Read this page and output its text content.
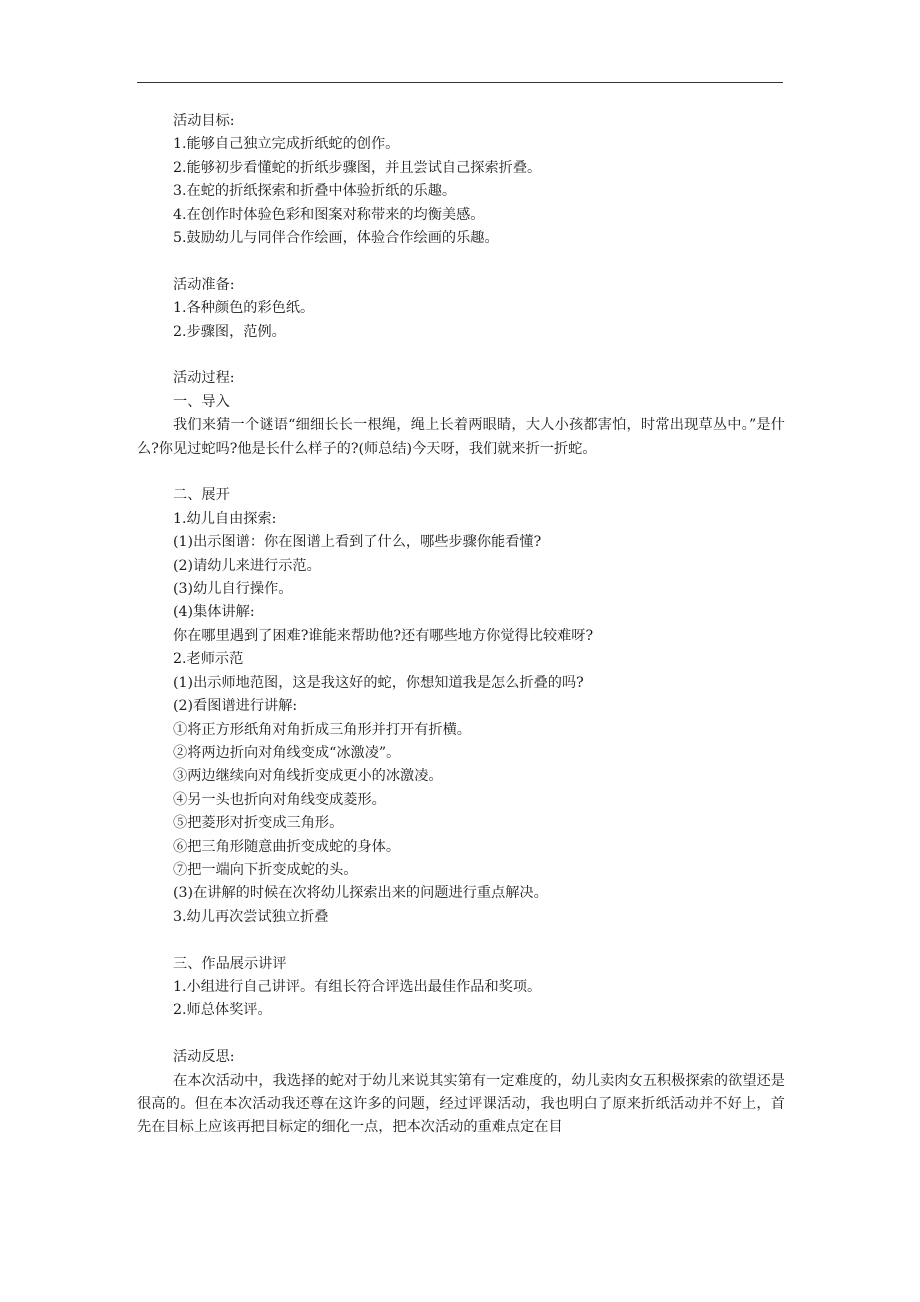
活动目标:

1.能够自己独立完成折纸蛇的创作。

2.能够初步看懂蛇的折纸步骤图，并且尝试自己探索折叠。

3.在蛇的折纸探索和折叠中体验折纸的乐趣。

4.在创作时体验色彩和图案对称带来的均衡美感。

5.鼓励幼儿与同伴合作绘画，体验合作绘画的乐趣。

活动准备:

1.各种颜色的彩色纸。

2.步骤图，范例。

活动过程:

一、导入

我们来猜一个谜语“细细长长一根绳，绳上长着两眼睛，大人小孩都害怕，时常出现草丛中。”是什么?你见过蛇吗?他是长什么样子的?(师总结)今天呀，我们就来折一折蛇。

二、展开

1.幼儿自由探索:

(1)出示图谱：你在图谱上看到了什么，哪些步骤你能看懂?

(2)请幼儿来进行示范。

(3)幼儿自行操作。

(4)集体讲解:

你在哪里遇到了困难?谁能来帮助他?还有哪些地方你觉得比较难呀?

2.老师示范

(1)出示师地范图，这是我这好的蛇，你想知道我是怎么折叠的吗?

(2)看图谱进行讲解:

①将正方形纸角对角折成三角形并打开有折横。

②将两边折向对角线变成“冰激凌”。

③两边继续向对角线折变成更小的冰激凌。

④另一头也折向对角线变成菱形。

⑤把菱形对折变成三角形。

⑥把三角形随意曲折变成蛇的身体。

⑦把一端向下折变成蛇的头。

(3)在讲解的时候在次将幼儿探索出来的问题进行重点解决。

3.幼儿再次尝试独立折叠

三、作品展示讲评

1.小组进行自己讲评。有组长符合评选出最佳作品和奖项。

2.师总体奖评。

活动反思:

在本次活动中，我选择的蛇对于幼儿来说其实第有一定难度的，幼儿卖肉女五积极探索的欲望还是很高的。但在本次活动我还尊在这许多的问题，经过评课活动，我也明白了原来折纸活动并不好上，首先在目标上应该再把目标定的细化一点，把本次活动的重难点定在目
